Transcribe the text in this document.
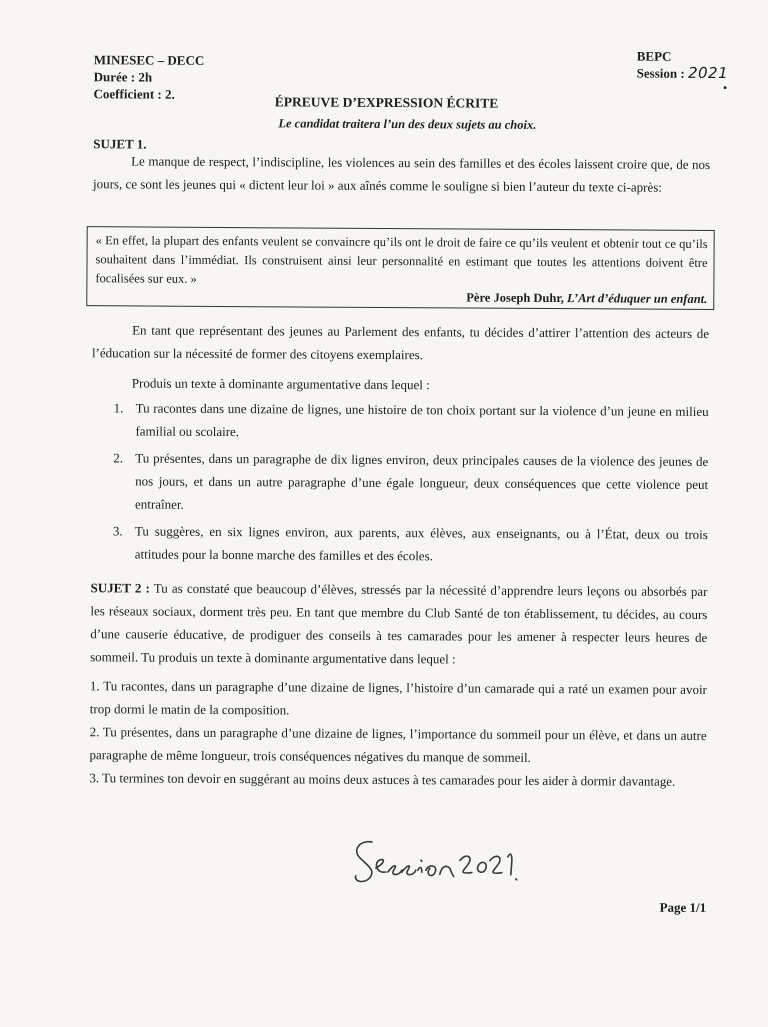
MINESEC – DECC
Durée : 2h
Coefficient : 2.
BEPC
Session : 2021
ÉPREUVE D’EXPRESSION ÉCRITE
Le candidat traitera l’un des deux sujets au choix.
SUJET 1.
Le manque de respect, l’indiscipline, les violences au sein des familles et des écoles laissent croire que, de nos jours, ce sont les jeunes qui « dictent leur loi » aux aînés comme le souligne si bien l’auteur du texte ci-après:
« En effet, la plupart des enfants veulent se convaincre qu’ils ont le droit de faire ce qu’ils veulent et obtenir tout ce qu’ils souhaitent dans l’immédiat. Ils construisent ainsi leur personnalité en estimant que toutes les attentions doivent être focalisées sur eux. »
Père Joseph Duhr, L’Art d’éduquer un enfant.
En tant que représentant des jeunes au Parlement des enfants, tu décides d’attirer l’attention des acteurs de l’éducation sur la nécessité de former des citoyens exemplaires.
Produis un texte à dominante argumentative dans lequel :
1. Tu racontes dans une dizaine de lignes, une histoire de ton choix portant sur la violence d’un jeune en milieu familial ou scolaire.
2. Tu présentes, dans un paragraphe de dix lignes environ, deux principales causes de la violence des jeunes de nos jours, et dans un autre paragraphe d’une égale longueur, deux conséquences que cette violence peut entraîner.
3. Tu suggères, en six lignes environ, aux parents, aux élèves, aux enseignants, ou à l’État, deux ou trois attitudes pour la bonne marche des familles et des écoles.
SUJET 2 : Tu as constaté que beaucoup d’élèves, stressés par la nécessité d’apprendre leurs leçons ou absorbés par les réseaux sociaux, dorment très peu. En tant que membre du Club Santé de ton établissement, tu décides, au cours d’une causerie éducative, de prodiguer des conseils à tes camarades pour les amener à respecter leurs heures de sommeil. Tu produis un texte à dominante argumentative dans lequel :
1. Tu racontes, dans un paragraphe d’une dizaine de lignes, l’histoire d’un camarade qui a raté un examen pour avoir trop dormi le matin de la composition.
2. Tu présentes, dans un paragraphe d’une dizaine de lignes, l’importance du sommeil pour un élève, et dans un autre paragraphe de même longueur, trois conséquences négatives du manque de sommeil.
3. Tu termines ton devoir en suggérant au moins deux astuces à tes camarades pour les aider à dormir davantage.
Page 1/1
